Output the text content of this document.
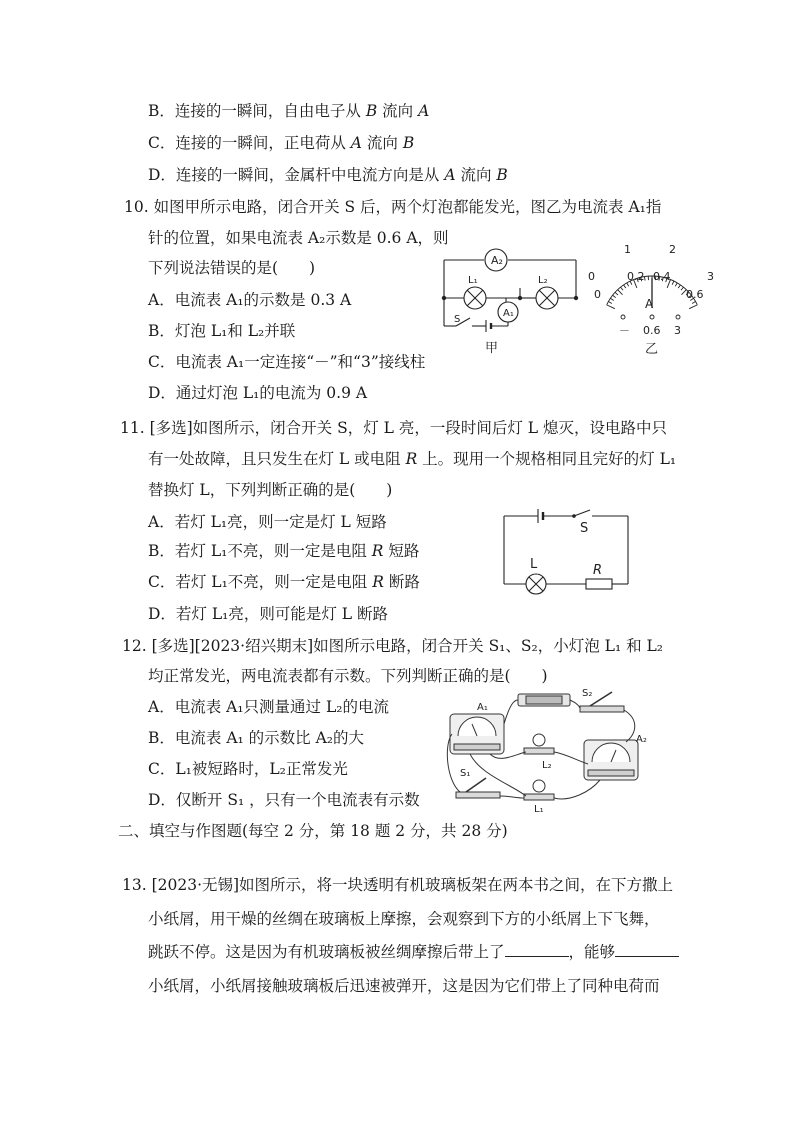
B．连接的一瞬间，自由电子从 B 流向 A
C．连接的一瞬间，正电荷从 A 流向 B
D．连接的一瞬间，金属杆中电流方向是从 A 流向 B
10. 如图甲所示电路，闭合开关 S 后，两个灯泡都能发光，图乙为电流表 A₁指
针的位置，如果电流表 A₂示数是 0.6 A，则
下列说法错误的是(　　)
A．电流表 A₁的示数是 0.3 A
B．灯泡 L₁和 L₂并联
C．电流表 A₁一定连接“－”和“3”接线柱
D．通过灯泡 L₁的电流为 0.9 A
A₂
A₁
L₁	L₂
S
甲
0
1	2
3
0
0.2 0.4
0.6
A
－ 0.6 3
乙
11. [多选]如图所示，闭合开关 S，灯 L 亮，一段时间后灯 L 熄灭，设电路中只
有一处故障，且只发生在灯 L 或电阻 R 上。现用一个规格相同且完好的灯 L₁
替换灯 L，下列判断正确的是(　　)
A．若灯 L₁亮，则一定是灯 L 短路
B．若灯 L₁不亮，则一定是电阻 R 短路
C．若灯 L₁不亮，则一定是电阻 R 断路
D．若灯 L₁亮，则可能是灯 L 断路
S
L	R
12. [多选][2023·绍兴期末]如图所示电路，闭合开关 S₁、S₂，小灯泡 L₁ 和 L₂
均正常发光，两电流表都有示数。下列判断正确的是(　　)
A．电流表 A₁只测量通过 L₂的电流
B．电流表 A₁ 的示数比 A₂的大
C．L₁被短路时，L₂正常发光
D．仅断开 S₁ ，只有一个电流表有示数
A₁
A₂
S₂
S₁
L₂
L₁
二、填空与作图题(每空 2 分，第 18 题 2 分，共 28 分)
13. [2023·无锡]如图所示，将一块透明有机玻璃板架在两本书之间，在下方撒上
小纸屑，用干燥的丝绸在玻璃板上摩擦，会观察到下方的小纸屑上下飞舞，
跳跃不停。这是因为有机玻璃板被丝绸摩擦后带上了	，能够
小纸屑，小纸屑接触玻璃板后迅速被弹开，这是因为它们带上了同种电荷而
